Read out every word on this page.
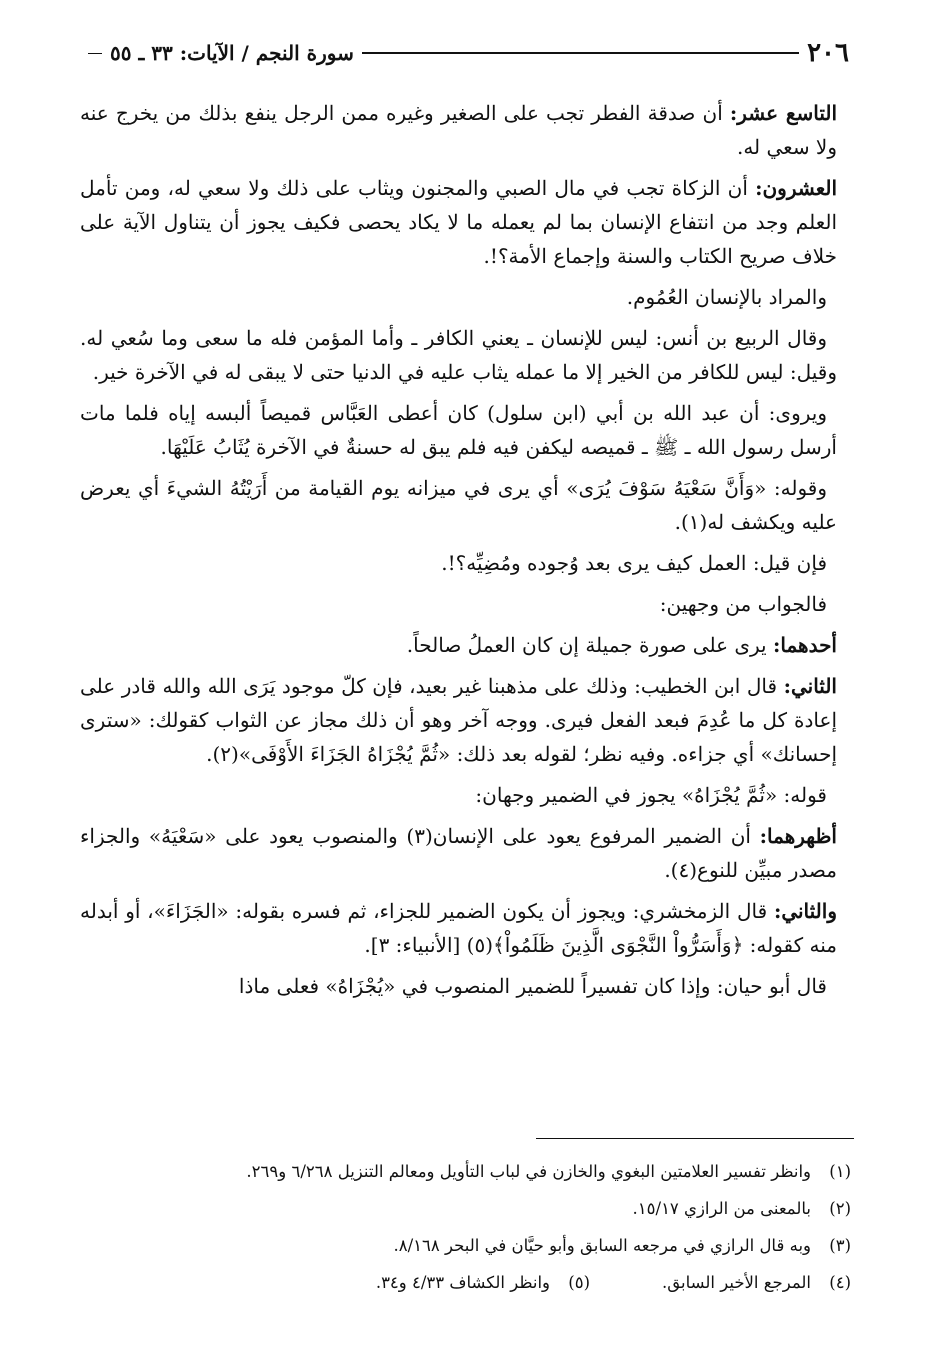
٢٠٦
سورة النجم / الآيات: ٣٣ ـ ٥٥

التاسع عشر: أن صدقة الفطر تجب على الصغير وغيره ممن الرجل ينفع بذلك من يخرج عنه ولا سعي له.

العشرون: أن الزكاة تجب في مال الصبي والمجنون ويثاب على ذلك ولا سعي له، ومن تأمل العلم وجد من انتفاع الإنسان بما لم يعمله ما لا يكاد يحصى فكيف يجوز أن يتناول الآية على خلاف صريح الكتاب والسنة وإجماع الأمة؟!.

والمراد بالإنسان العُمُوم.

وقال الربيع بن أنس: ليس للإنسان ـ يعني الكافر ـ وأما المؤمن فله ما سعى وما سُعي له. وقيل: ليس للكافر من الخير إلا ما عمله يثاب عليه في الدنيا حتى لا يبقى له في الآخرة خير.

ويروى: أن عبد الله بن أبي (ابن سلول) كان أعطى العَبَّاس قميصاً ألبسه إياه فلما مات أرسل رسول الله ـ ﷺ ـ قميصه ليكفن فيه فلم يبق له حسنةٌ في الآخرة يُثَابُ عَلَيْهَا.

وقوله: «وَأَنَّ سَعْيَهُ سَوْفَ يُرَى» أي يرى في ميزانه يوم القيامة من أَرَيْتُهُ الشيءَ أي يعرض عليه ويكشف له(١).

فإن قيل: العمل كيف يرى بعد وُجوده ومُضِيِّه؟!.

فالجواب من وجهين:

أحدهما: يرى على صورة جميلة إن كان العملُ صالحاً.

الثاني: قال ابن الخطيب: وذلك على مذهبنا غير بعيد، فإن كلّ موجود يَرَى الله والله قادر على إعادة كل ما عُدِمَ فبعد الفعل فيرى. ووجه آخر وهو أن ذلك مجاز عن الثواب كقولك: «سترى إحسانك» أي جزاءه. وفيه نظر؛ لقوله بعد ذلك: «ثُمَّ يُجْزَاهُ الجَزَاءَ الأَوْفَى»(٢).

قوله: «ثُمَّ يُجْزَاهُ» يجوز في الضمير وجهان:

أظهرهما: أن الضمير المرفوع يعود على الإنسان(٣) والمنصوب يعود على «سَعْيَهُ» والجزاء مصدر مبيِّن للنوع(٤).

والثاني: قال الزمخشري: ويجوز أن يكون الضمير للجزاء، ثم فسره بقوله: «الجَزَاءَ»، أو أبدله منه كقوله: ﴿وَأَسَرُّواْ النَّجْوَى الَّذِينَ ظَلَمُواْ﴾(٥) [الأنبياء: ٣].

قال أبو حيان: وإذا كان تفسيراً للضمير المنصوب في «يُجْزَاهُ» فعلى ماذا

(١)
وانظر تفسير العلامتين البغوي والخازن في لباب التأويل ومعالم التنزيل ٦/٢٦٨ و٢٦٩.
(٢)
بالمعنى من الرازي ١٥/١٧.
(٣)
وبه قال الرازي في مرجعه السابق وأبو حيَّان في البحر ٨/١٦٨.
(٤)
المرجع الأخير السابق.
(٥)
وانظر الكشاف ٤/٣٣ و٣٤.
